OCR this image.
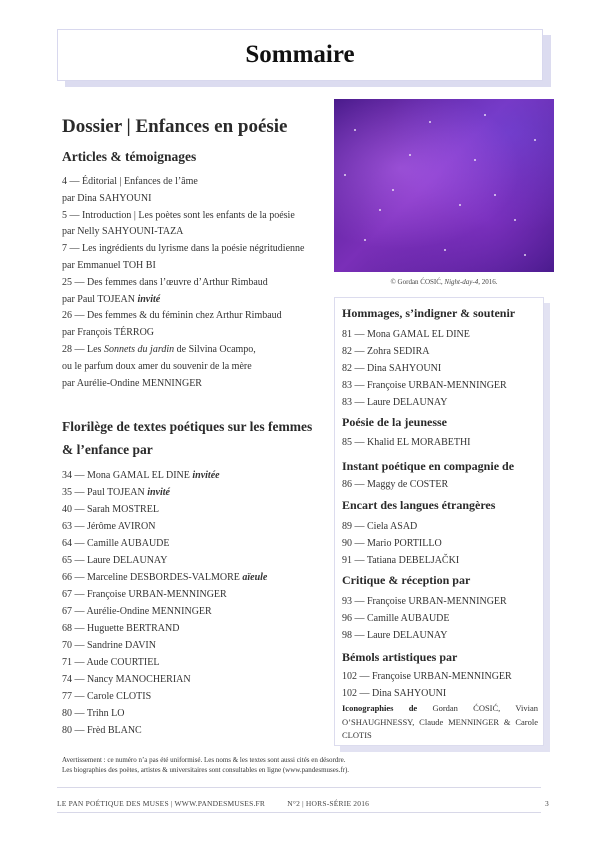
Sommaire
Dossier | Enfances en poésie
Articles & témoignages
4 — Éditorial | Enfances de l’âme
par Dina SAHYOUNI
5 — Introduction | Les poètes sont les enfants de la poésie
par Nelly SAHYOUNI-TAZA
7 — Les ingrédients du lyrisme dans la poésie négritudienne
par Emmanuel TOH BI
25 — Des femmes dans l’œuvre d’Arthur Rimbaud
par Paul TOJEAN invité
26 — Des femmes & du féminin chez Arthur Rimbaud
par François TÉRROG
28 — Les Sonnets du jardin de Silvina Ocampo,
ou le parfum doux amer du souvenir de la mère
par Aurélie-Ondine MENNINGER
Florilège de textes poétiques sur les femmes
& l’enfance par
34 — Mona GAMAL EL DINE invitée
35 — Paul TOJEAN invité
40 — Sarah MOSTREL
63 — Jérôme AVIRON
64 — Camille AUBAUDE
65 — Laure DELAUNAY
66 — Marceline DESBORDES-VALMORE aïeule
67 — Françoise URBAN-MENNINGER
67 — Aurélie-Ondine MENNINGER
68 — Huguette BERTRAND
70 — Sandrine DAVIN
71 — Aude COURTIEL
74 — Nancy MANOCHERIAN
77 — Carole CLOTIS
80 — Trihn LO
80 — Frèd BLANC
© Gordan ĆOSIĆ, Night-day-4, 2016.
Hommages, s’indigner & soutenir
81 — Mona GAMAL EL DINE
82 — Zohra SEDIRA
82 — Dina SAHYOUNI
83 — Françoise URBAN-MENNINGER
83 — Laure DELAUNAY
Poésie de la jeunesse
85 — Khalid EL MORABETHI
Instant poétique en compagnie de
86 — Maggy de COSTER
Encart des langues étrangères
89 — Ciela ASAD
90 — Mario PORTILLO
91 — Tatiana DEBELJAČKI
Critique & réception par
93 — Françoise URBAN-MENNINGER
96 — Camille AUBAUDE
98 — Laure DELAUNAY
Bémols artistiques par
102 — Françoise URBAN-MENNINGER
102 — Dina SAHYOUNI

Iconographies de Gordan ĆOSIĆ, Vivian O’SHAUGHNESSY, Claude MENNINGER & Carole CLOTIS

Avertissement : ce numéro n’a pas été uniformisé. Les noms & les textes sont aussi cités en désordre.
Les biographies des poètes, artistes & universitaires sont consultables en ligne (www.pandesmuses.fr).

LE PAN POÉTIQUE DES MUSES | WWW.PANDESMUSES.FR	N°2 | HORS-SÉRIE 2016	3
